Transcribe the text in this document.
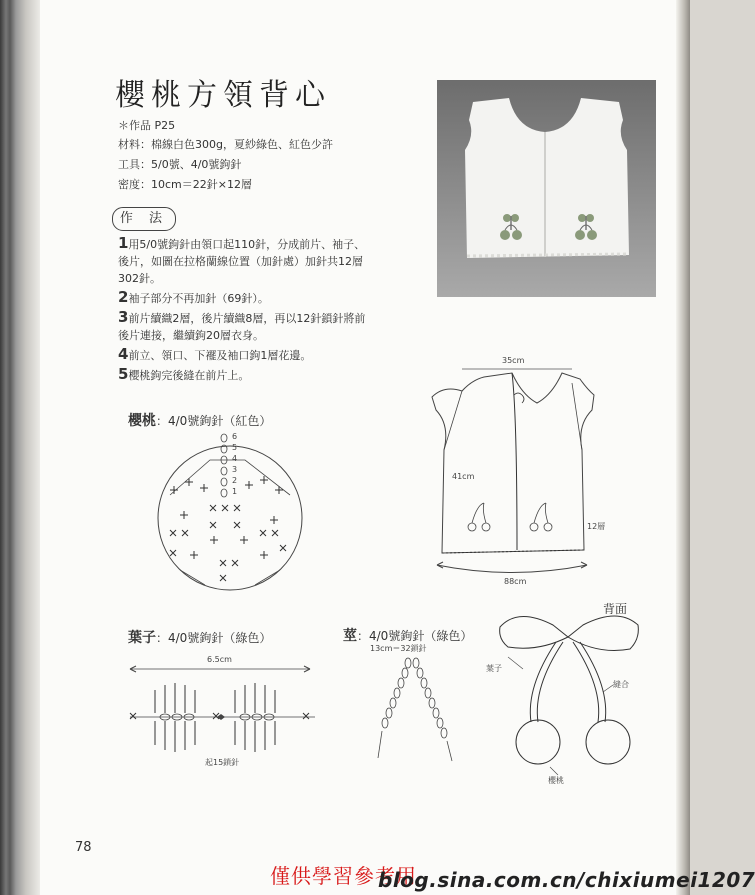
櫻桃方領背心
＊作品 P25
材料：棉線白色300g，夏紗綠色、紅色少許
工具：5/0號、4/0號鉤針
密度：10cm＝22針×12層
作 法
1用5/0號鉤針由領口起110針，分成前片、袖子、後片，如圖在拉格蘭線位置（加針處）加針共12層302針。
2袖子部分不再加針（69針）。
3前片續織2層，後片續織8層，再以12針鎖針將前後片連接，繼續鉤20層衣身。
4前立、領口、下襬及袖口鉤1層花邊。
5櫻桃鉤完後縫在前片上。
35cm
41cm
12層
88cm
櫻桃：4/0號鉤針（紅色）
6
5
4
3
2
1
葉子：4/0號鉤針（綠色）
6.5cm
起15鎖針
莖：4/0號鉤針（綠色）
13cm＝32鎖針
背面
葉子
縫合
櫻桃
78
僅供學習參考用
blog.sina.com.cn/chixiumei1207
